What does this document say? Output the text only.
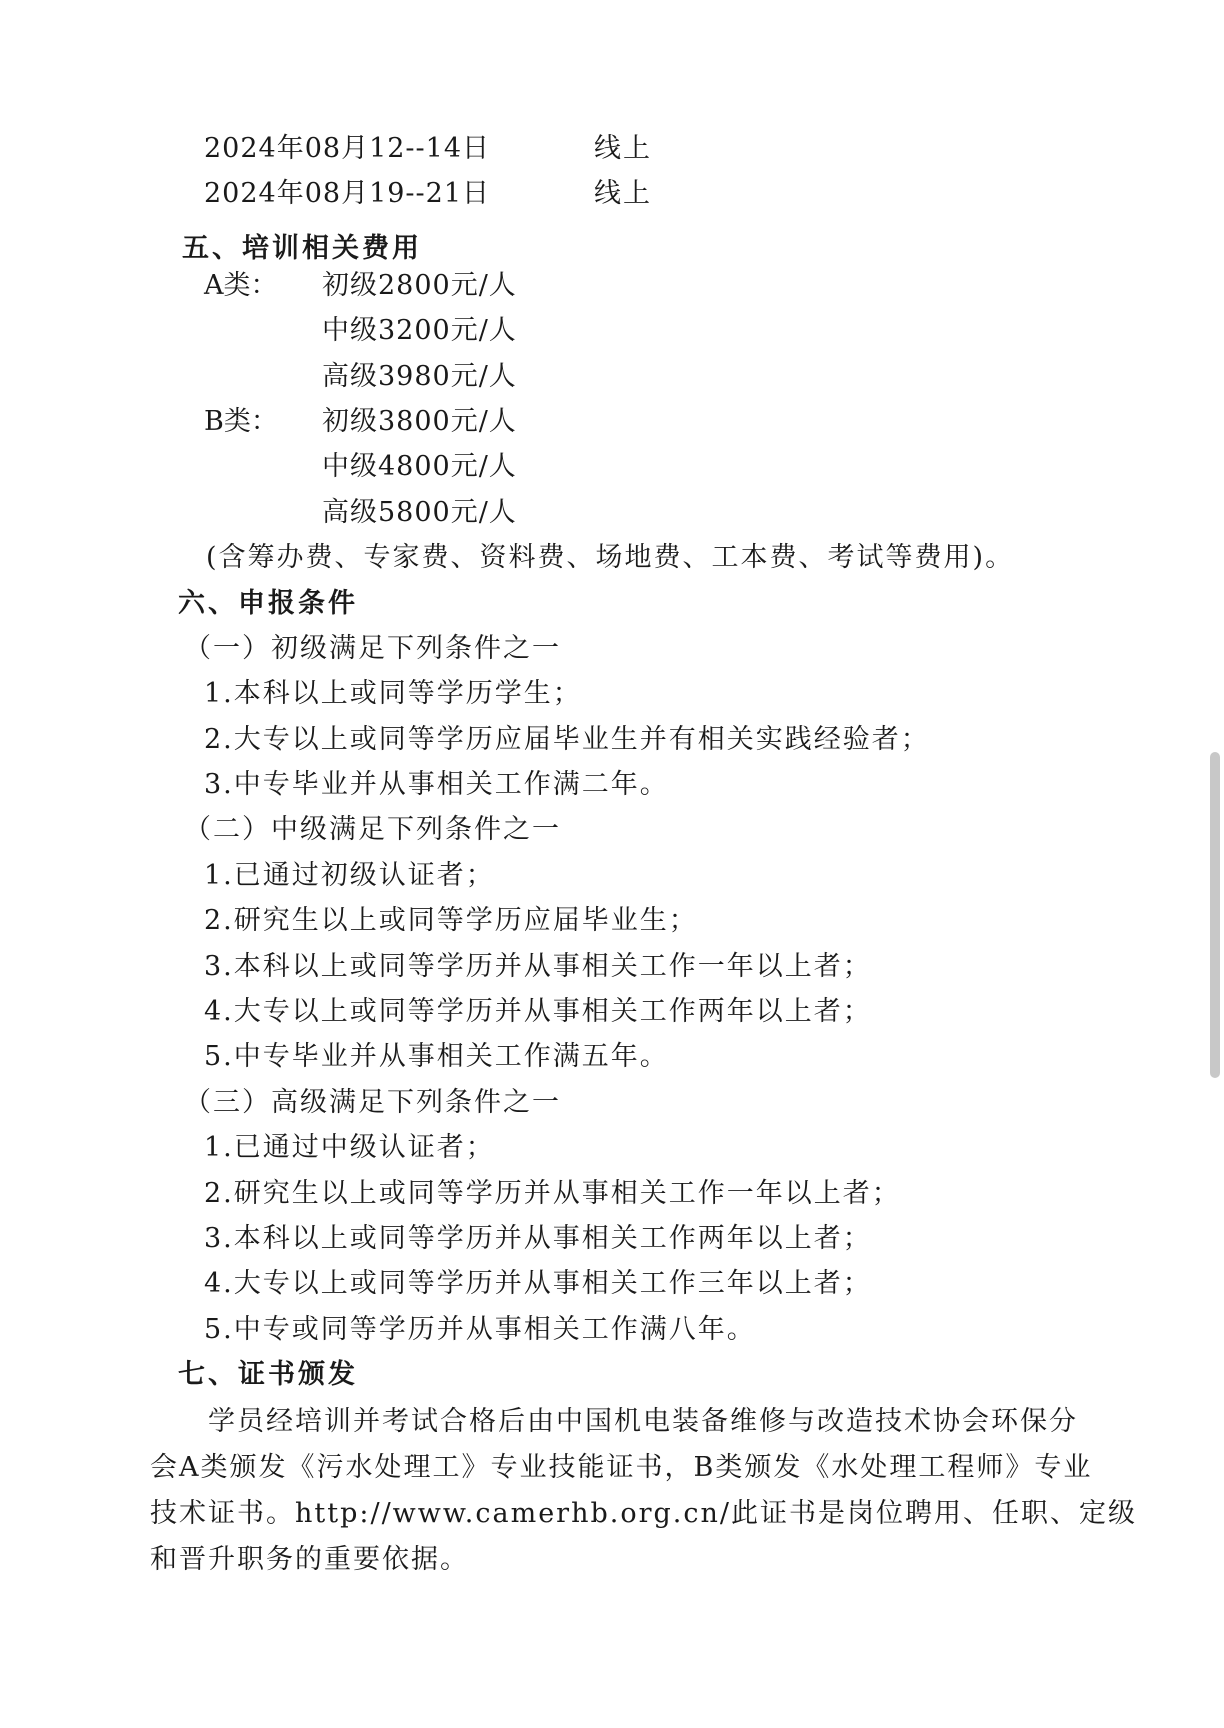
2024年08月12--14日	线上
2024年08月19--21日	线上
五、培训相关费用
A类： 初级2800元/人
中级3200元/人
高级3980元/人
B类： 初级3800元/人
中级4800元/人
高级5800元/人
(含筹办费、专家费、资料费、场地费、工本费、考试等费用)。
六、申报条件
（一）初级满足下列条件之一
1.本科以上或同等学历学生；
2.大专以上或同等学历应届毕业生并有相关实践经验者；
3.中专毕业并从事相关工作满二年。
（二）中级满足下列条件之一
1.已通过初级认证者；
2.研究生以上或同等学历应届毕业生；
3.本科以上或同等学历并从事相关工作一年以上者；
4.大专以上或同等学历并从事相关工作两年以上者；
5.中专毕业并从事相关工作满五年。
（三）高级满足下列条件之一
1.已通过中级认证者；
2.研究生以上或同等学历并从事相关工作一年以上者；
3.本科以上或同等学历并从事相关工作两年以上者；
4.大专以上或同等学历并从事相关工作三年以上者；
5.中专或同等学历并从事相关工作满八年。
七、证书颁发
学员经培训并考试合格后由中国机电装备维修与改造技术协会环保分
会A类颁发《污水处理工》专业技能证书，B类颁发《水处理工程师》专业
技术证书。http://www.camerhb.org.cn/此证书是岗位聘用、任职、定级
和晋升职务的重要依据。
